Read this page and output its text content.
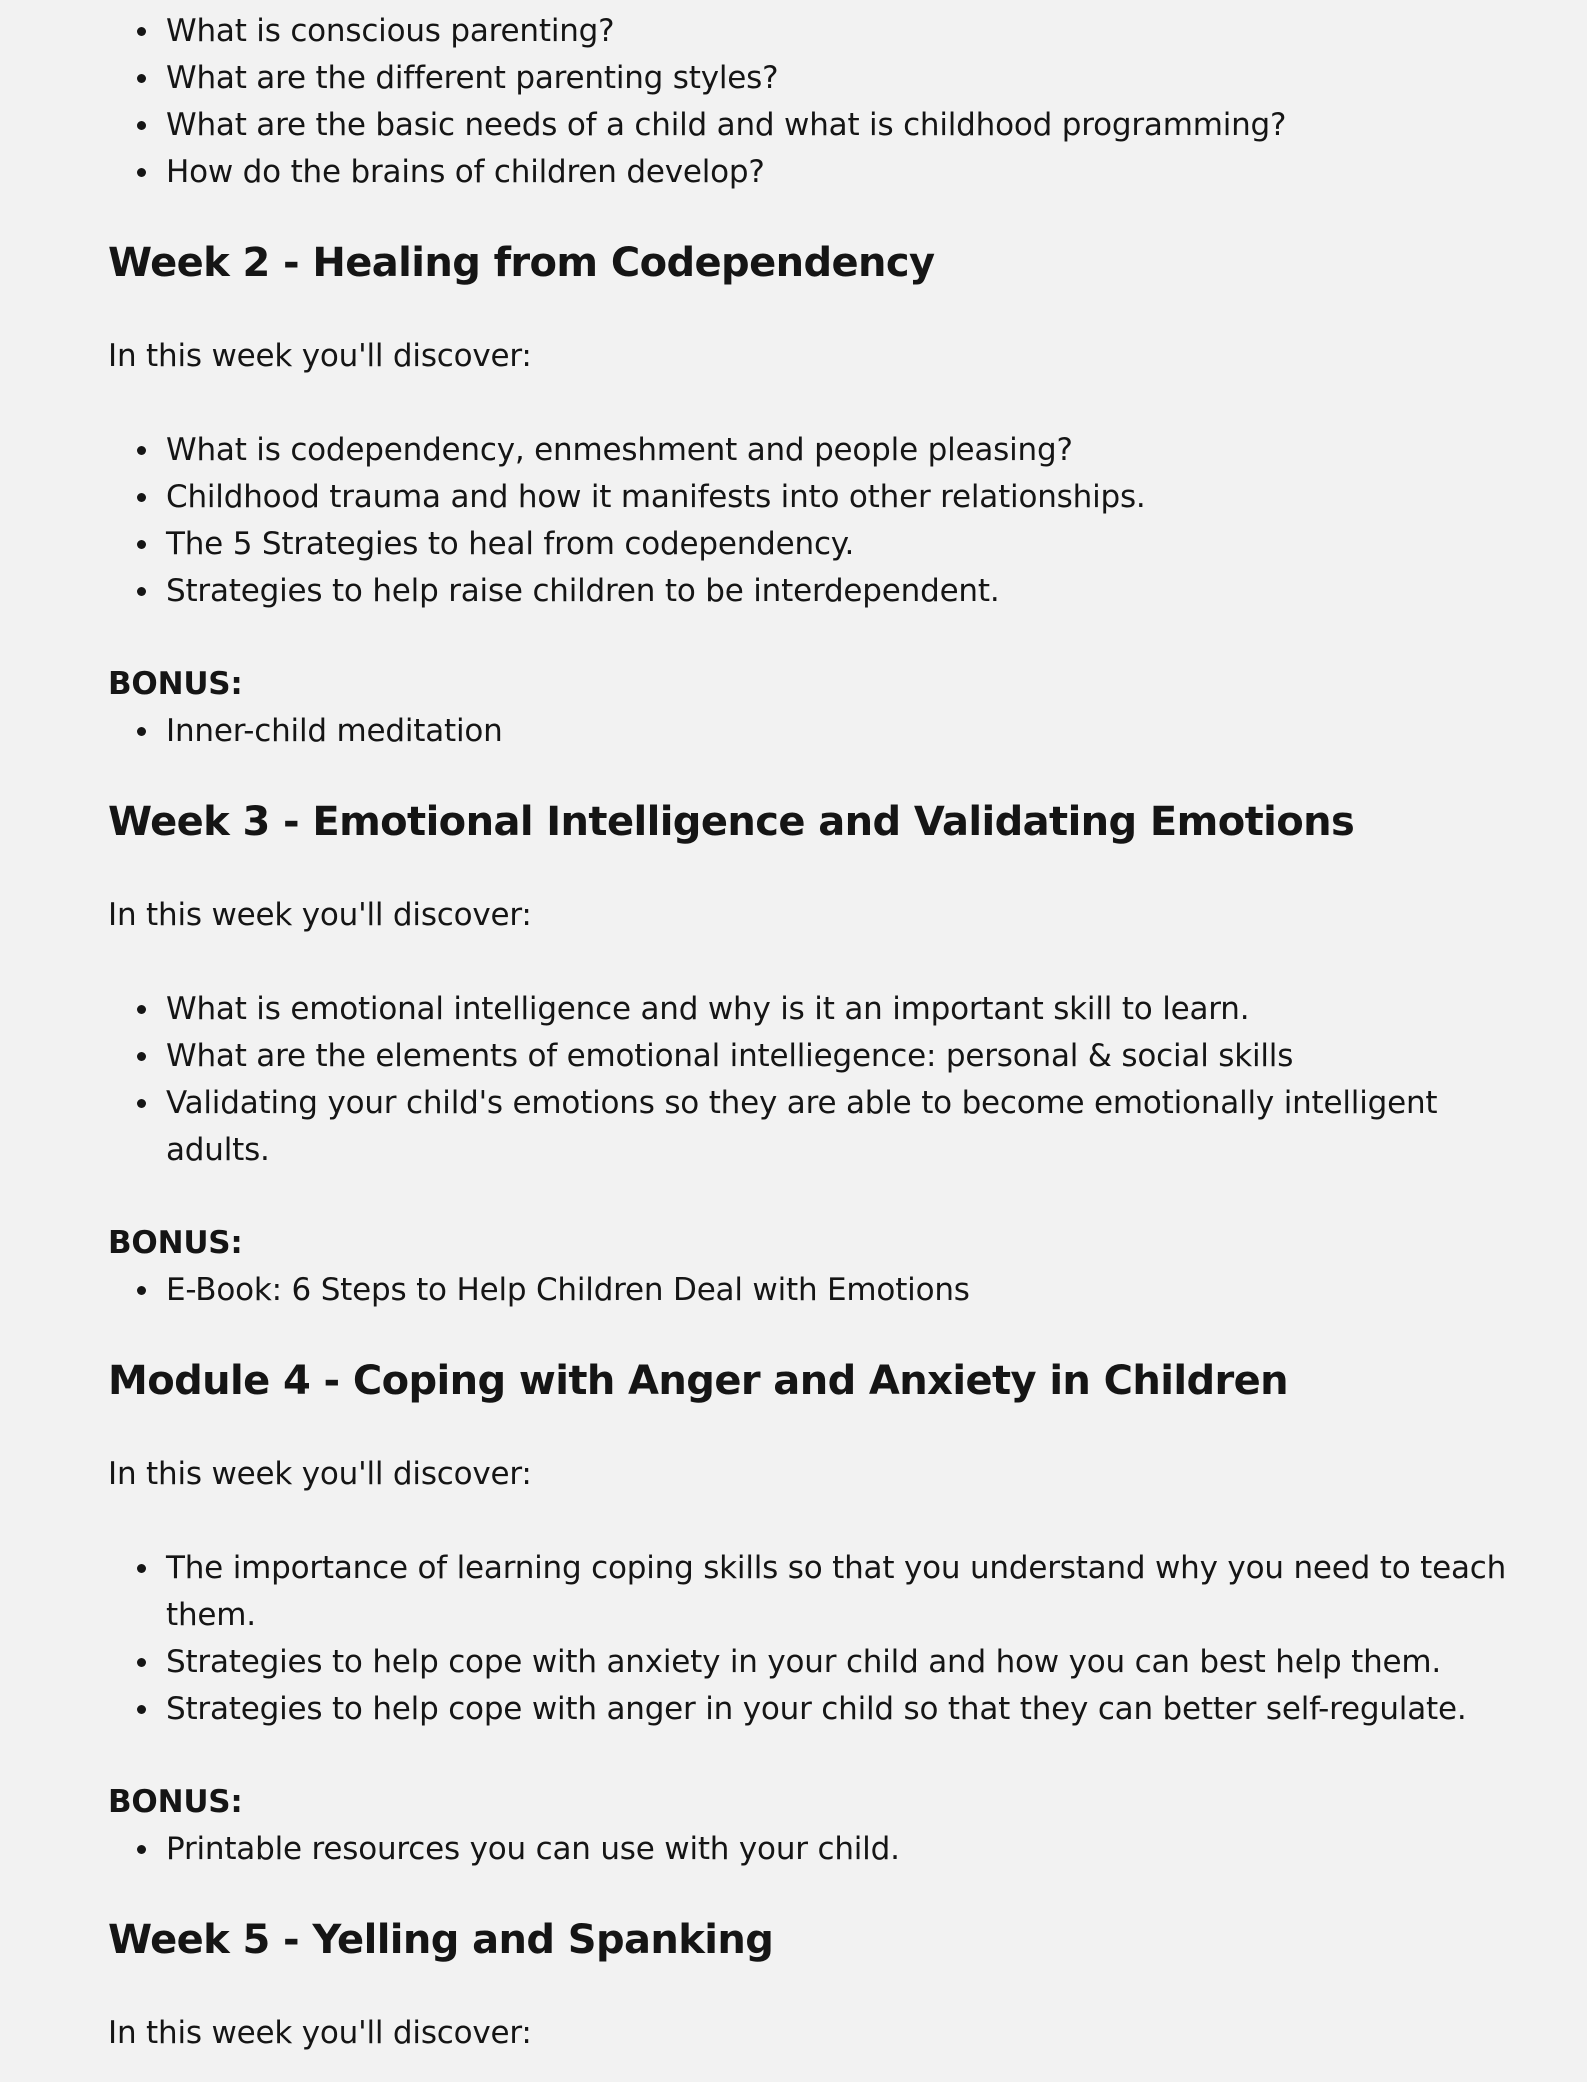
What is conscious parenting?
What are the different parenting styles?
What are the basic needs of a child and what is childhood programming?
How do the brains of children develop?
Week 2 - Healing from Codependency

In this week you'll discover:

What is codependency, enmeshment and people pleasing?
Childhood trauma and how it manifests into other relationships.
The 5 Strategies to heal from codependency.
Strategies to help raise children to be interdependent.

BONUS:

Inner-child meditation
Week 3 - Emotional Intelligence and Validating Emotions

In this week you'll discover:

What is emotional intelligence and why is it an important skill to learn.
What are the elements of emotional intelliegence: personal & social skills
Validating your child's emotions so they are able to become emotionally intelligent adults.

BONUS:

E-Book: 6 Steps to Help Children Deal with Emotions
Module 4 - Coping with Anger and Anxiety in Children

In this week you'll discover:

The importance of learning coping skills so that you understand why you need to teach them.
Strategies to help cope with anxiety in your child and how you can best help them.
Strategies to help cope with anger in your child so that they can better self-regulate.

BONUS:

Printable resources you can use with your child.
Week 5 - Yelling and Spanking

In this week you'll discover:
